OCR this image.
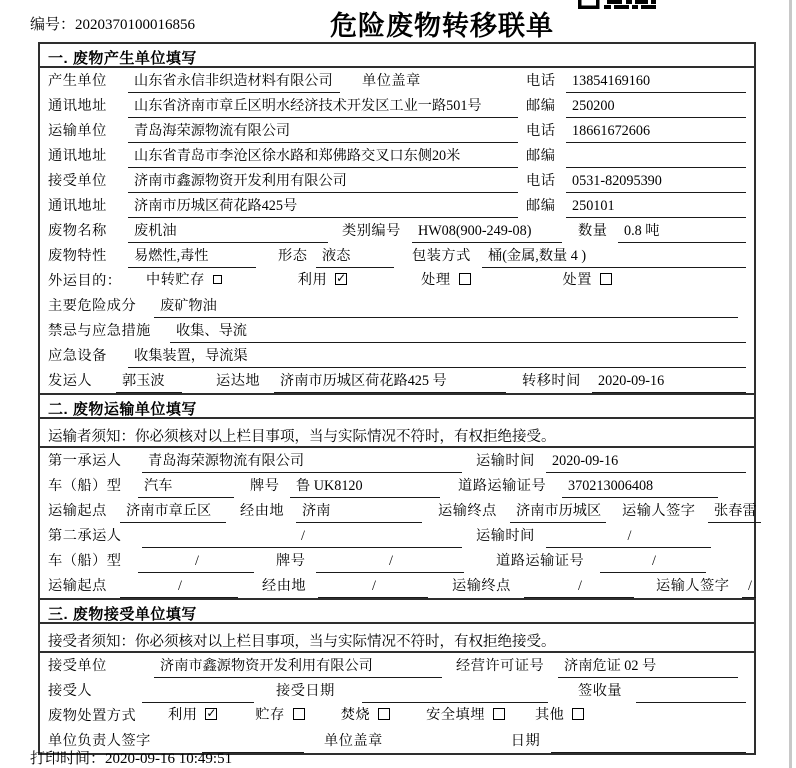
编号：2020370100016856	危险废物转移联单
一. 废物产生单位填写
产生单位	山东省永信非织造材料有限公司	单位盖章	电话	13854169160
通讯地址	山东省济南市章丘区明水经济技术开发区工业一路501号	邮编	250200
运输单位	青岛海荣源物流有限公司	电话	18661672606
通讯地址	山东省青岛市李沧区徐水路和郑佛路交叉口东侧20米	邮编
接受单位	济南市鑫源物资开发利用有限公司	电话	0531-82095390
通讯地址	济南市历城区荷花路425号	邮编	250101
废物名称	废机油	类别编号	HW08(900-249-08)	数量	0.8 吨
废物特性	易燃性,毒性	形态	液态	包装方式	桶(金属,数量 4 )
外运目的：	中转贮存	利用 ✓	处理	处置
主要危险成分	废矿物油
禁忌与应急措施	收集、导流
应急设备	收集装置，导流渠
发运人	郭玉波	运达地	济南市历城区荷花路425 号	转移时间	2020-09-16
二. 废物运输单位填写
运输者须知：你必须核对以上栏目事项，当与实际情况不符时，有权拒绝接受。
第一承运人	青岛海荣源物流有限公司	运输时间	2020-09-16
车（船）型	汽车	牌号	鲁 UK8120	道路运输证号	370213006408
运输起点	济南市章丘区	经由地	济南	运输终点	济南市历城区	运输人签字	张春雷
第二承运人	/	运输时间	/
车（船）型	/	牌号	/	道路运输证号	/
运输起点	/	经由地	/	运输终点	/	运输人签字	/
三. 废物接受单位填写
接受者须知：你必须核对以上栏目事项，当与实际情况不符时，有权拒绝接受。
接受单位	济南市鑫源物资开发利用有限公司	经营许可证号	济南危证 02 号
接受人	接受日期	签收量
废物处置方式	利用 ✓	贮存	焚烧	安全填埋	其他
单位负责人签字	单位盖章	日期
打印时间：2020-09-16 10:49:51
